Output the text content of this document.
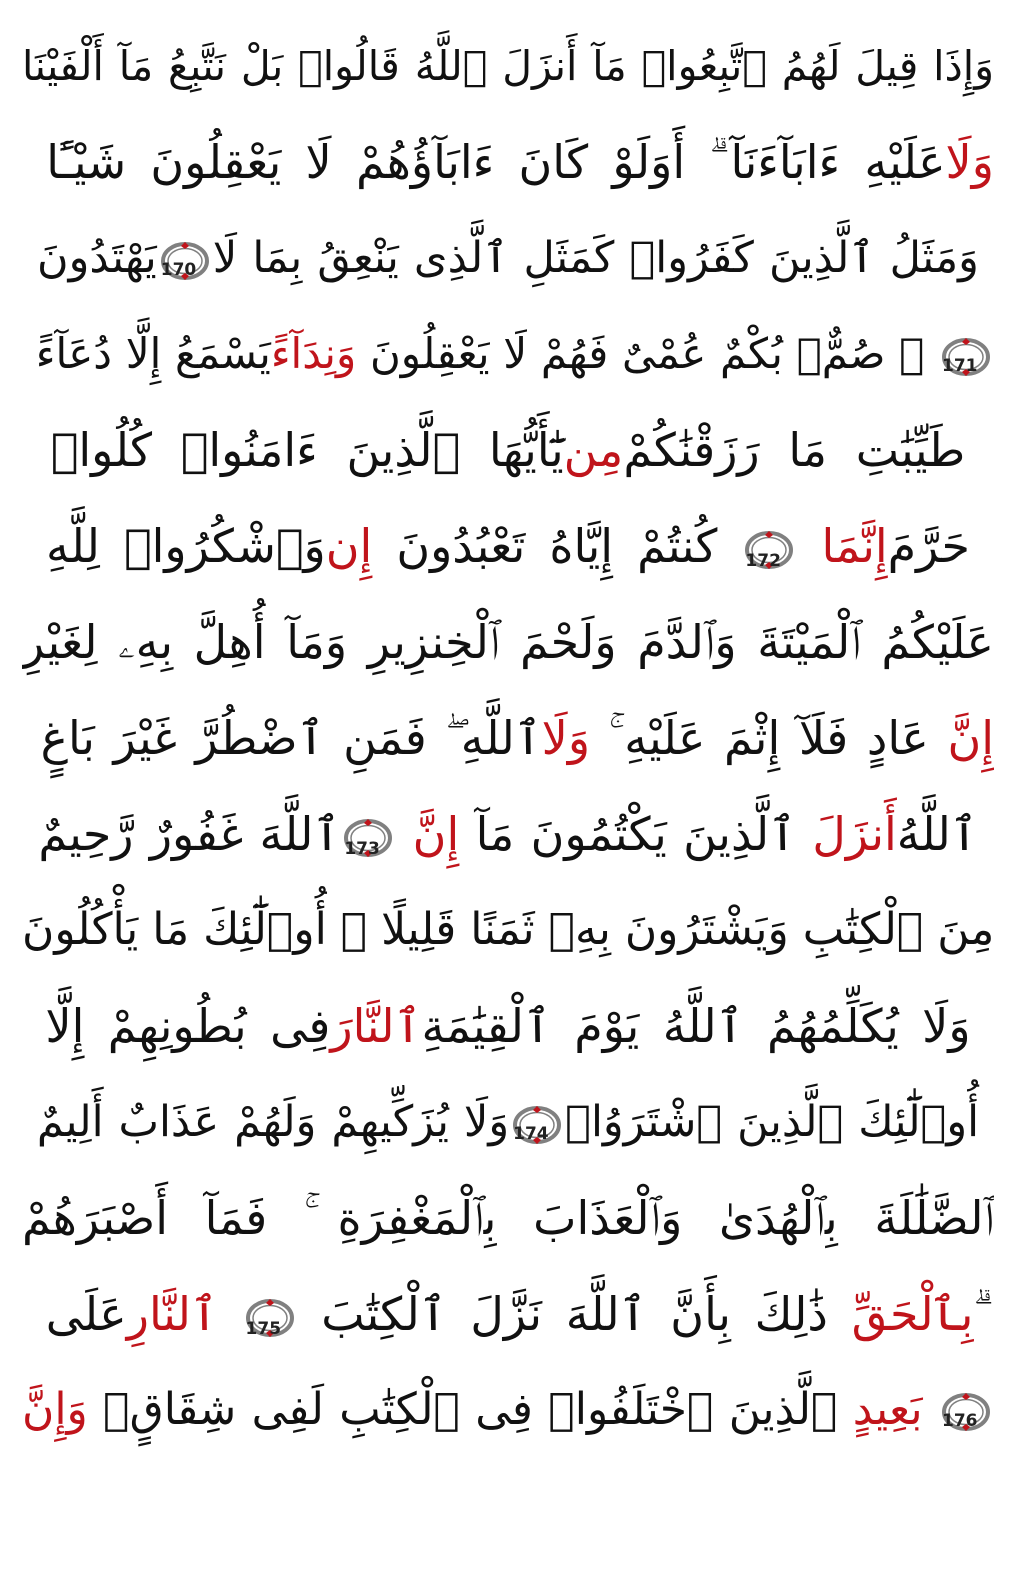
وَإِذَا قِيلَ لَهُمُ ٱتَّبِعُوا۟ مَآ أَنزَلَ ٱللَّهُ قَالُوا۟ بَلْ نَتَّبِعُ مَآ أَلْفَيْنَا
عَلَيْهِ ءَابَآءَنَآ ۗ أَوَلَوْ كَانَ ءَابَآؤُهُمْ لَا يَعْقِلُونَ شَيْـًٔا وَلَا
يَهْتَدُونَ
170 وَمَثَلُ ٱلَّذِينَ كَفَرُوا۟ كَمَثَلِ ٱلَّذِى يَنْعِقُ بِمَا لَا
يَسْمَعُ إِلَّا دُعَآءً وَنِدَآءً ۚ صُمٌّۢ بُكْمٌ عُمْىٌ فَهُمْ لَا يَعْقِلُونَ
171
يَٰٓأَيُّهَا ٱلَّذِينَ ءَامَنُوا۟ كُلُوا۟ مِن طَيِّبَٰتِ مَا رَزَقْنَٰكُمْ
وَٱشْكُرُوا۟ لِلَّهِ إِن كُنتُمْ إِيَّاهُ تَعْبُدُونَ
172 إِنَّمَا حَرَّمَ
عَلَيْكُمُ ٱلْمَيْتَةَ وَٱلدَّمَ وَلَحْمَ ٱلْخِنزِيرِ وَمَآ أُهِلَّ بِهِۦ لِغَيْرِ
ٱللَّهِ ۖ فَمَنِ ٱضْطُرَّ غَيْرَ بَاغٍ وَلَا عَادٍ فَلَآ إِثْمَ عَلَيْهِ ۚ إِنَّ
ٱللَّهَ غَفُورٌ رَّحِيمٌ
173 إِنَّ ٱلَّذِينَ يَكْتُمُونَ مَآ أَنزَلَ ٱللَّهُ
مِنَ ٱلْكِتَٰبِ وَيَشْتَرُونَ بِهِۦ ثَمَنًا قَلِيلًا ۙ أُو۟لَٰٓئِكَ مَا يَأْكُلُونَ
فِى بُطُونِهِمْ إِلَّا ٱلنَّارَ وَلَا يُكَلِّمُهُمُ ٱللَّهُ يَوْمَ ٱلْقِيَٰمَةِ
وَلَا يُزَكِّيهِمْ وَلَهُمْ عَذَابٌ أَلِيمٌ
174 أُو۟لَٰٓئِكَ ٱلَّذِينَ ٱشْتَرَوُا۟
ٱلضَّلَٰلَةَ بِٱلْهُدَىٰ وَٱلْعَذَابَ بِٱلْمَغْفِرَةِ ۚ فَمَآ أَصْبَرَهُمْ
عَلَى ٱلنَّارِ 175 ذَٰلِكَ بِأَنَّ ٱللَّهَ نَزَّلَ ٱلْكِتَٰبَ بِٱلْحَقِّ ۗ
وَإِنَّ ٱلَّذِينَ ٱخْتَلَفُوا۟ فِى ٱلْكِتَٰبِ لَفِى شِقَاقٍۭ بَعِيدٍ 176
